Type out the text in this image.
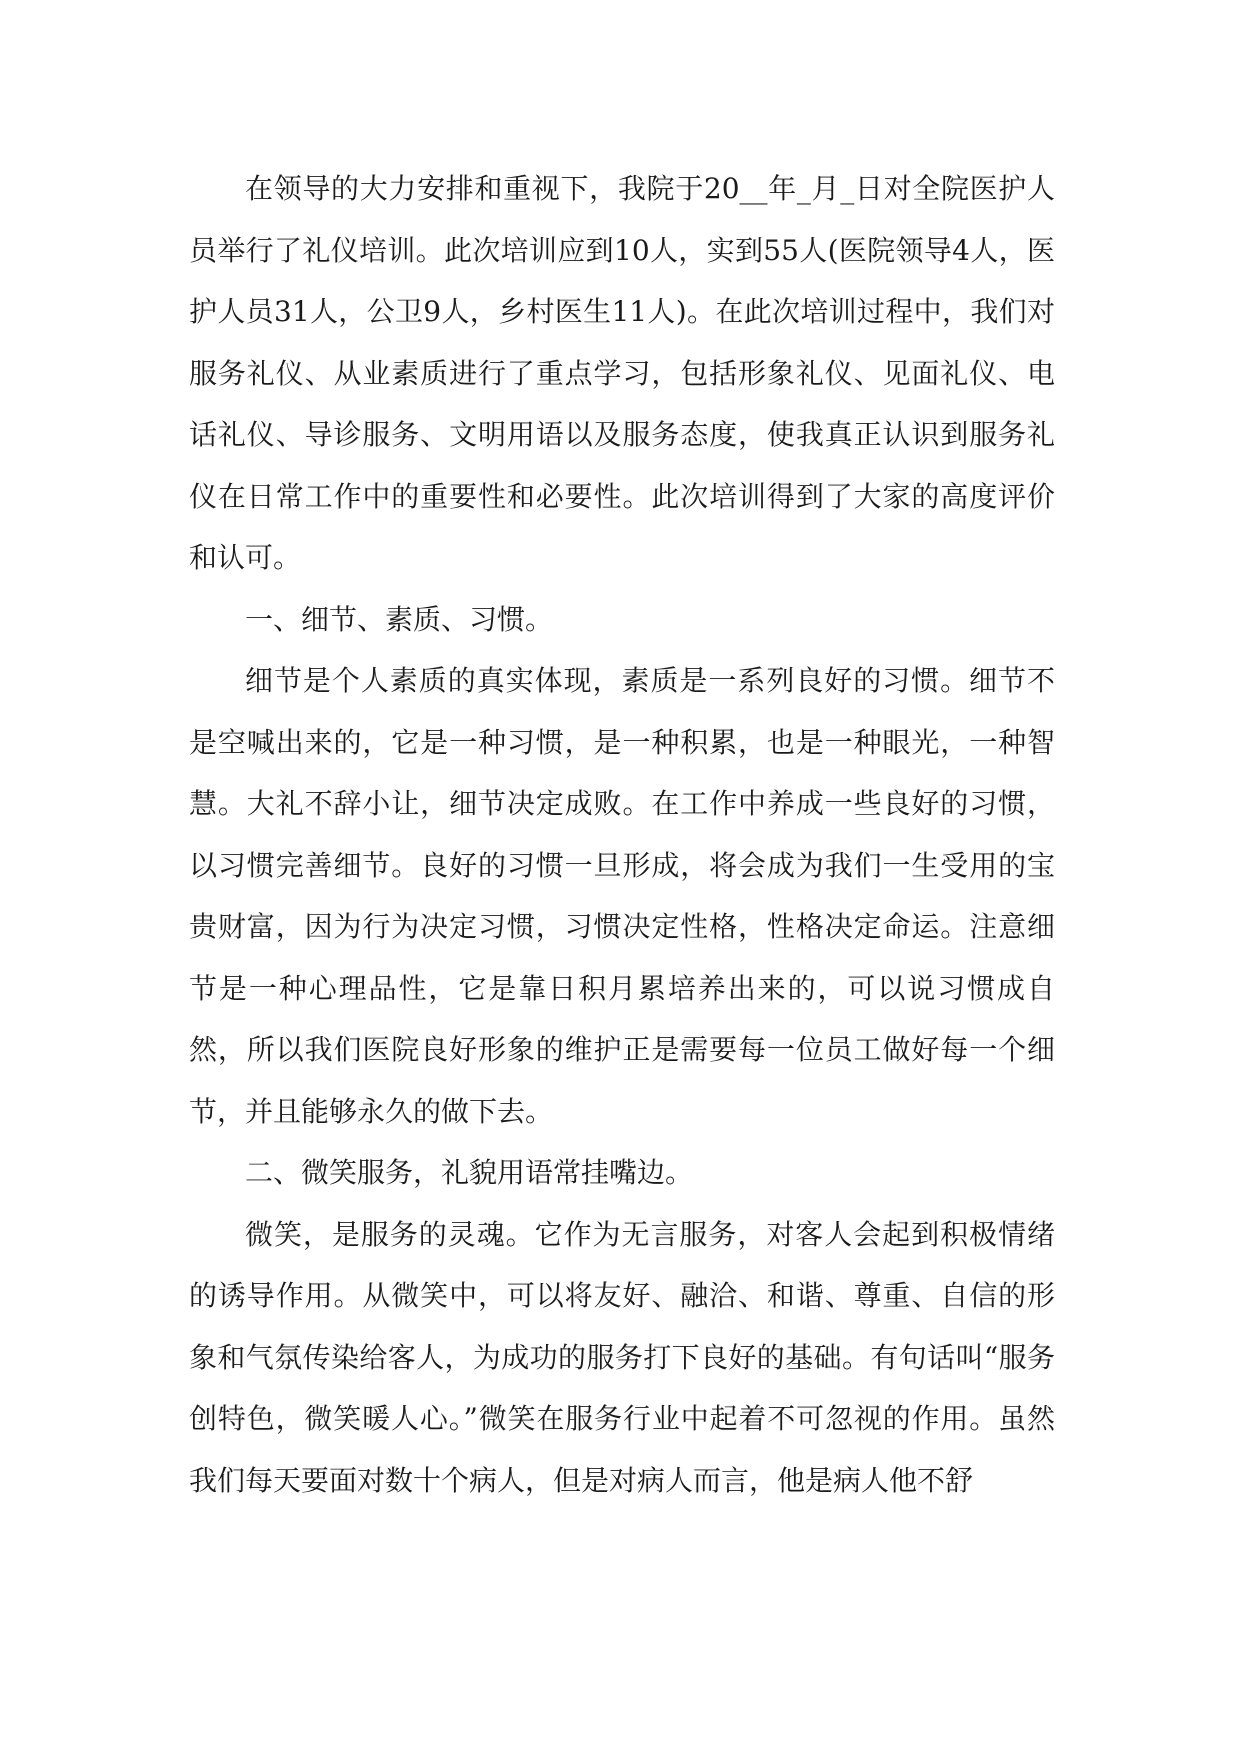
在领导的大力安排和重视下，我院于20__年_月_日对全院医护人员举行了礼仪培训。此次培训应到10人，实到55人(医院领导4人，医护人员31人，公卫9人，乡村医生11人)。在此次培训过程中，我们对服务礼仪、从业素质进行了重点学习，包括形象礼仪、见面礼仪、电话礼仪、导诊服务、文明用语以及服务态度，使我真正认识到服务礼仪在日常工作中的重要性和必要性。此次培训得到了大家的高度评价和认可。

一、细节、素质、习惯。

细节是个人素质的真实体现，素质是一系列良好的习惯。细节不是空喊出来的，它是一种习惯，是一种积累，也是一种眼光，一种智慧。大礼不辞小让，细节决定成败。在工作中养成一些良好的习惯，以习惯完善细节。良好的习惯一旦形成，将会成为我们一生受用的宝贵财富，因为行为决定习惯，习惯决定性格，性格决定命运。注意细节是一种心理品性，它是靠日积月累培养出来的，可以说习惯成自然，所以我们医院良好形象的维护正是需要每一位员工做好每一个细节，并且能够永久的做下去。

二、微笑服务，礼貌用语常挂嘴边。

微笑，是服务的灵魂。它作为无言服务，对客人会起到积极情绪的诱导作用。从微笑中，可以将友好、融洽、和谐、尊重、自信的形象和气氛传染给客人，为成功的服务打下良好的基础。有句话叫“服务创特色，微笑暖人心。”微笑在服务行业中起着不可忽视的作用。虽然我们每天要面对数十个病人，但是对病人而言，他是病人他不舒
